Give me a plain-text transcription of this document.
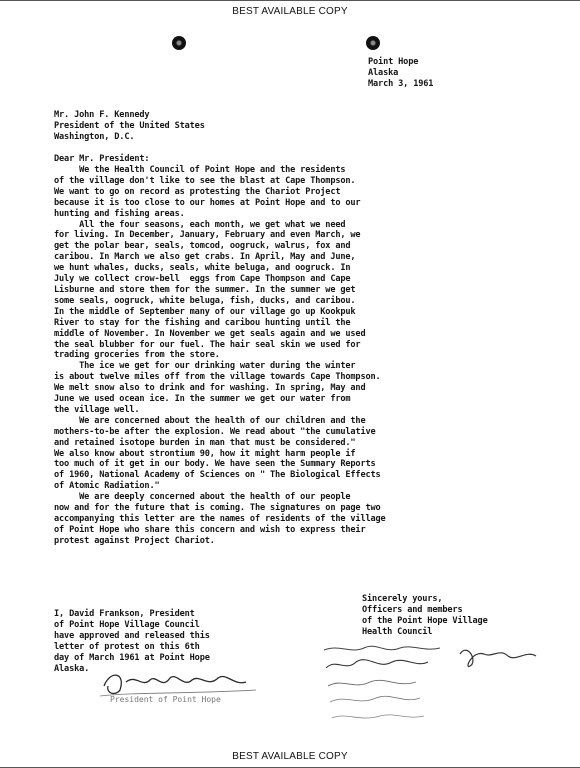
BEST AVAILABLE COPY
Point Hope
Alaska
March 3, 1961
Mr. John F. Kennedy
President of the United States
Washington, D.C.
Dear Mr. President:
We the Health Council of Point Hope and the residents
of the village don't like to see the blast at Cape Thompson.
We want to go on record as protesting the Chariot Project
because it is too close to our homes at Point Hope and to our
hunting and fishing areas.
All the four seasons, each month, we get what we need
for living. In December, January, February and even March, we
get the polar bear, seals, tomcod, oogruck, walrus, fox and
caribou. In March we also get crabs. In April, May and June,
we hunt whales, ducks, seals, white beluga, and oogruck. In
July we collect crow-bell  eggs from Cape Thompson and Cape
Lisburne and store them for the summer. In the summer we get
some seals, oogruck, white beluga, fish, ducks, and caribou.
In the middle of September many of our village go up Kookpuk
River to stay for the fishing and caribou hunting until the
middle of November. In November we get seals again and we used
the seal blubber for our fuel. The hair seal skin we used for
trading groceries from the store.
The ice we get for our drinking water during the winter
is about twelve miles off from the village towards Cape Thompson.
We melt snow also to drink and for washing. In spring, May and
June we used ocean ice. In the summer we get our water from
the village well.
We are concerned about the health of our children and the
mothers-to-be after the explosion. We read about "the cumulative
and retained isotope burden in man that must be considered."
We also know about strontium 90, how it might harm people if
too much of it get in our body. We have seen the Summary Reports
of 1960, National Academy of Sciences on " The Biological Effects
of Atomic Radiation."
We are deeply concerned about the health of our people
now and for the future that is coming. The signatures on page two
accompanying this letter are the names of residents of the village
of Point Hope who share this concern and wish to express their
protest against Project Chariot.
I, David Frankson, President
of Point Hope Village Council
have approved and released this
letter of protest on this 6th
day of March 1961 at Point Hope
Alaska.
Sincerely yours,
Officers and members
of the Point Hope Village
Health Council
President of Point Hope
BEST AVAILABLE COPY
